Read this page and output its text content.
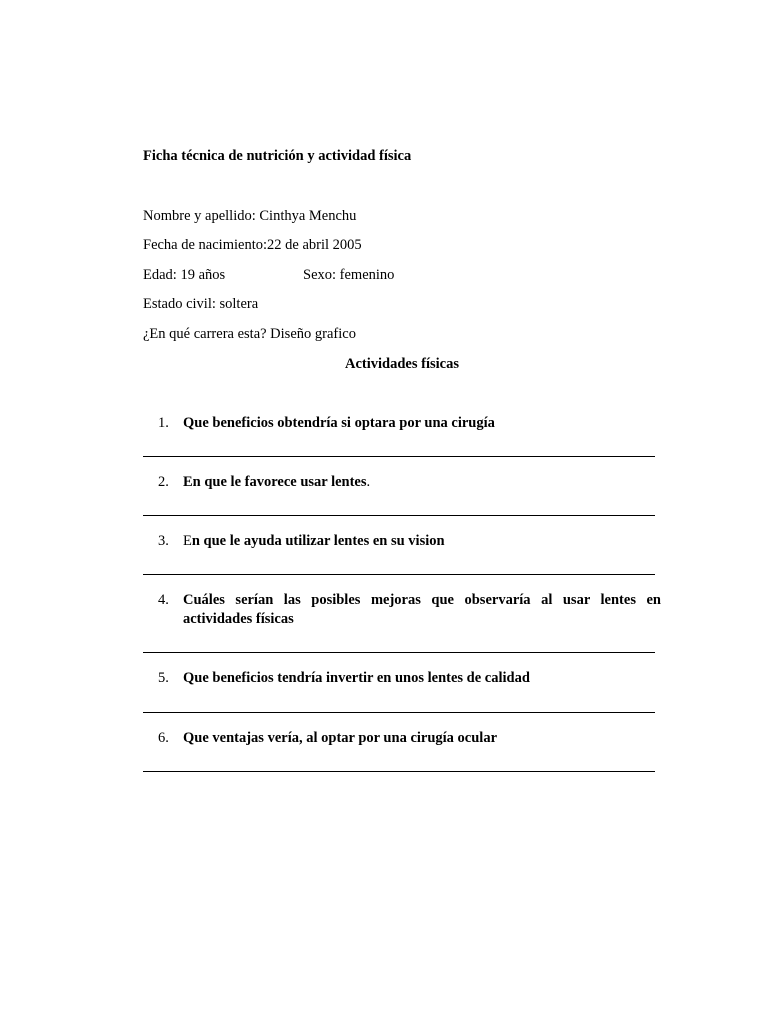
Ficha técnica de nutrición y actividad física
Nombre y apellido: Cinthya Menchu
Fecha de nacimiento:22 de abril 2005
Edad: 19 años	Sexo: femenino
Estado civil: soltera
¿En qué carrera esta? Diseño grafico
Actividades físicas
1. Que beneficios obtendría si optara por una cirugía
2. En que le favorece usar lentes.
3. En que le ayuda utilizar lentes en su vision
4. Cuáles serían las posibles mejoras que observaría al usar lentes en actividades físicas
5. Que beneficios tendría invertir en unos lentes de calidad
6. Que ventajas vería, al optar por una cirugía ocular
